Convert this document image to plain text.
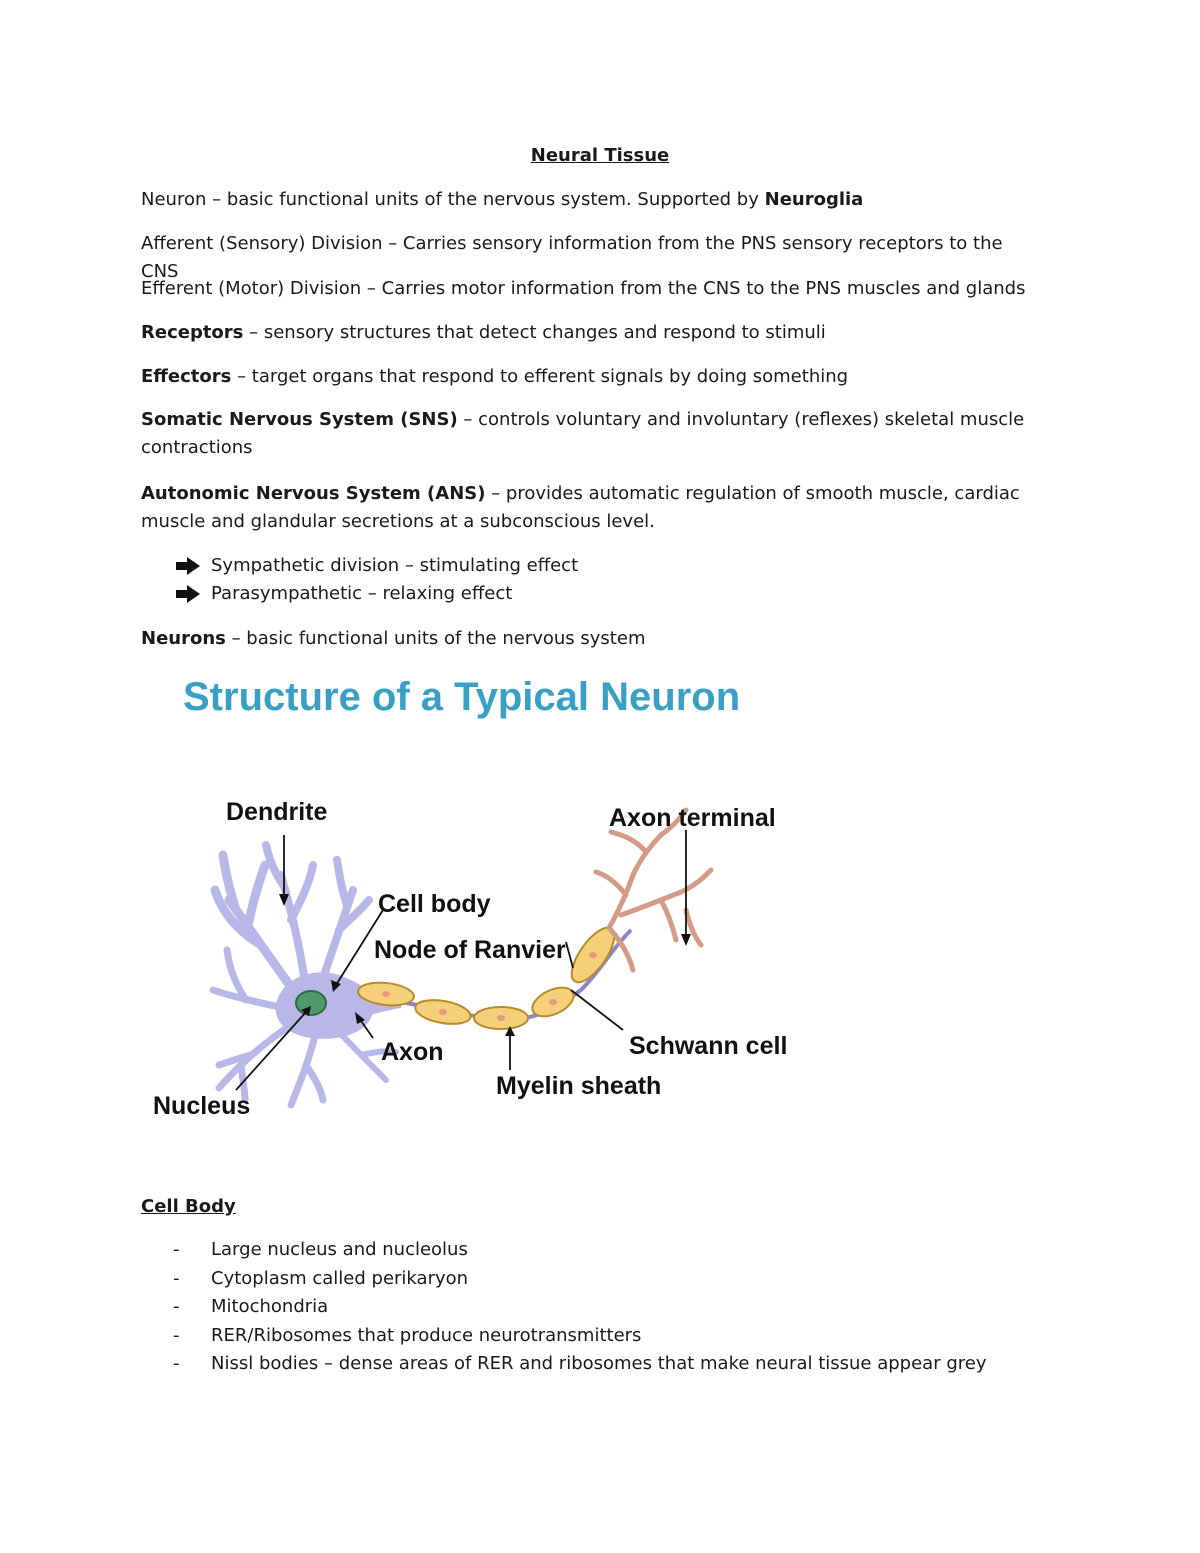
Neural Tissue

Neuron – basic functional units of the nervous system. Supported by Neuroglia

Afferent (Sensory) Division – Carries sensory information from the PNS sensory receptors to the CNS

Efferent (Motor) Division – Carries motor information from the CNS to the PNS muscles and glands

Receptors – sensory structures that detect changes and respond to stimuli

Effectors – target organs that respond to efferent signals by doing something

Somatic Nervous System (SNS) – controls voluntary and involuntary (reflexes) skeletal muscle contractions

Autonomic Nervous System (ANS) – provides automatic regulation of smooth muscle, cardiac muscle and glandular secretions at a subconscious level.

Sympathetic division – stimulating effect
Parasympathetic – relaxing effect

Neurons – basic functional units of the nervous system

Cell Body
-	Large nucleus and nucleolus
-	Cytoplasm called perikaryon
-	Mitochondria
-	RER/Ribosomes that produce neurotransmitters
-	Nissl bodies – dense areas of RER and ribosomes that make neural tissue appear grey
Structure of a Typical Neuron
Dendrite	Axon terminal
Cell body
Node of Ranvier
Schwann cell
Axon
Myelin sheath
Nucleus
